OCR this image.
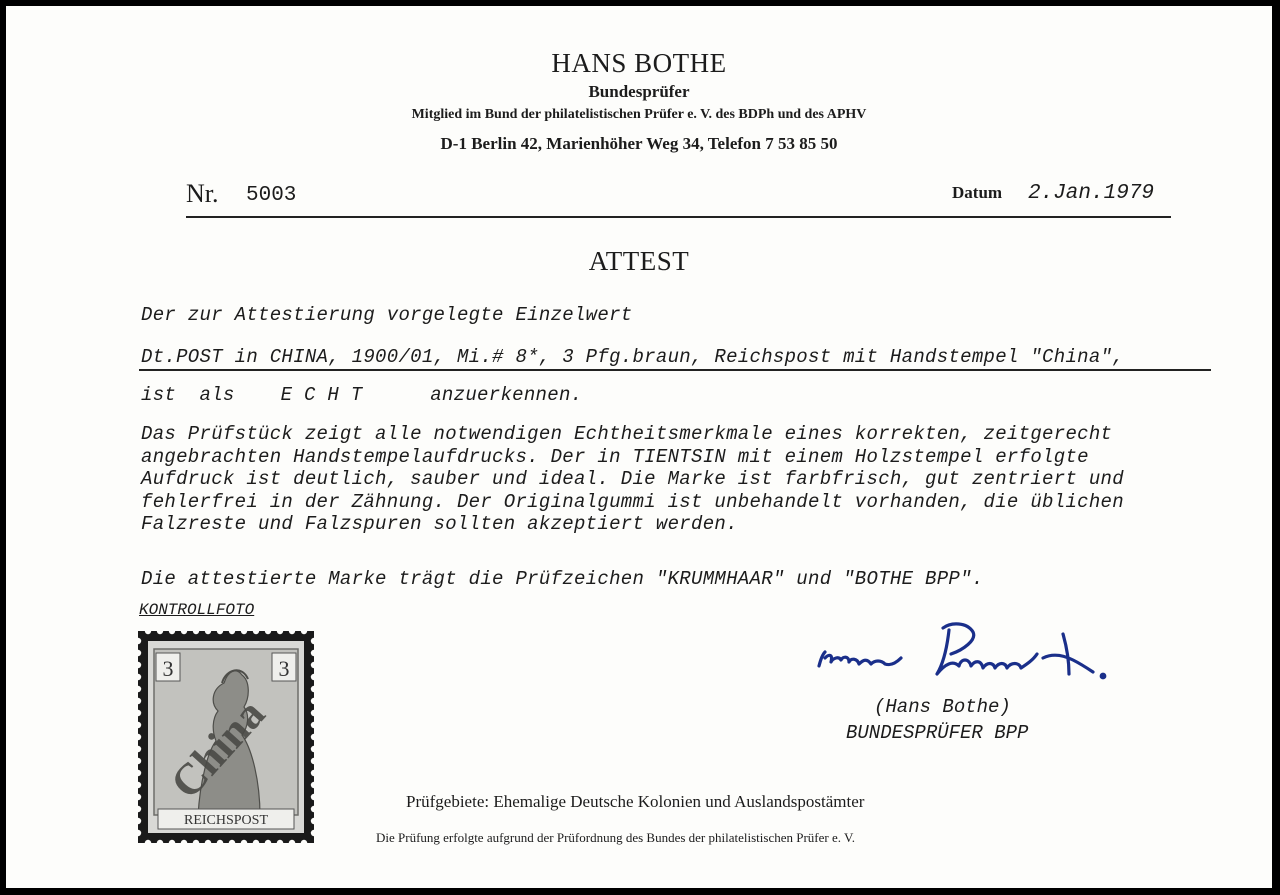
HANS BOTHE
Bundesprüfer
Mitglied im Bund der philatelistischen Prüfer e. V. des BDPh und des APHV
D-1 Berlin 42, Marienhöher Weg 34, Telefon 7 53 85 50
Nr. 5003	Datum 2.Jan.1979
ATTEST
Der zur Attestierung vorgelegte Einzelwert
Dt.POST in CHINA, 1900/01, Mi.# 8*, 3 Pfg.braun, Reichspost mit Handstempel "China",
ist  als ECHT	anzuerkennen.
Das Prüfstück zeigt alle notwendigen Echtheitsmerkmale eines korrekten, zeitgerecht
angebrachten Handstempelaufdrucks. Der in TIENTSIN mit einem Holzstempel erfolgte
Aufdruck ist deutlich, sauber und ideal. Die Marke ist farbfrisch, gut zentriert und
fehlerfrei in der Zähnung. Der Originalgummi ist unbehandelt vorhanden, die üblichen
Falzreste und Falzspuren sollten akzeptiert werden.
Die attestierte Marke trägt die Prüfzeichen "KRUMMHAAR" und "BOTHE BPP".
KONTROLLFOTO
3	3
China
REICHSPOST
(Hans Bothe)
BUNDESPRÜFER BPP
Prüfgebiete: Ehemalige Deutsche Kolonien und Auslandspostämter
Die Prüfung erfolgte aufgrund der Prüfordnung des Bundes der philatelistischen Prüfer e. V.
